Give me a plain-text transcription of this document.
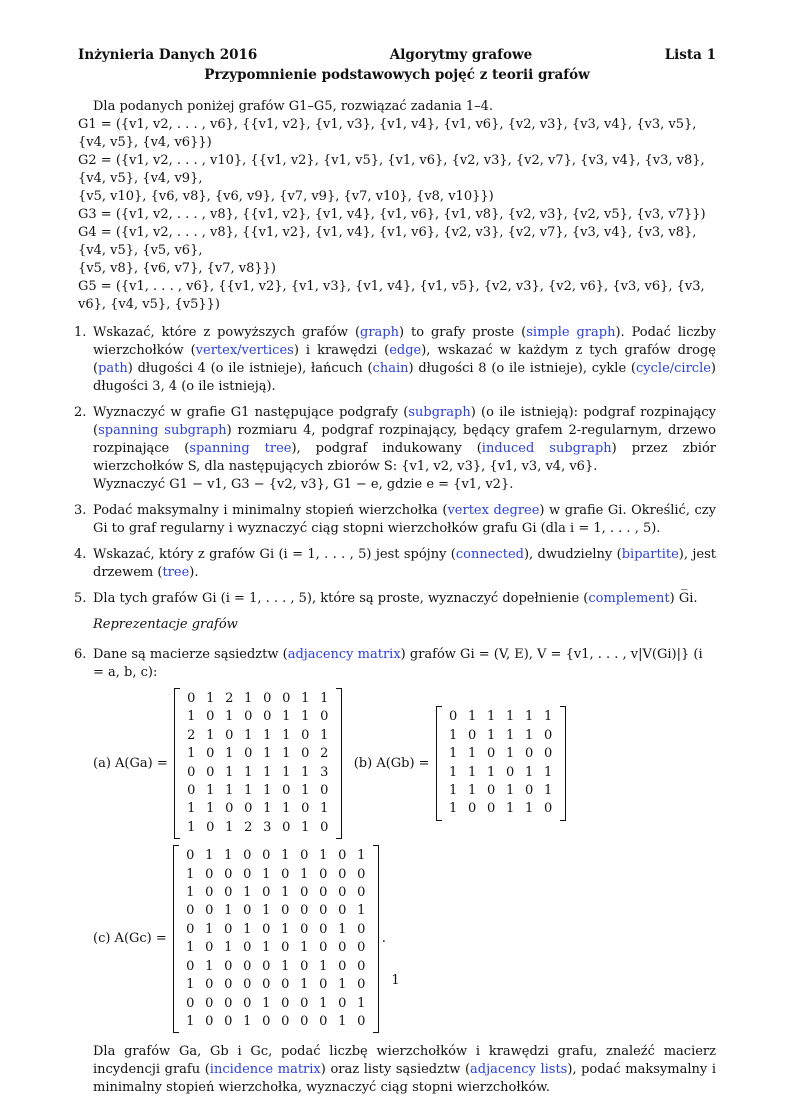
Inżynieria Danych 2016	Algorytmy grafowe	Lista 1
Przypomnienie podstawowych pojęć z teorii grafów

Dla podanych poniżej grafów G1–G5, rozwiązać zadania 1–4.

G1 = ({v1, v2, . . . , v6}, {{v1, v2}, {v1, v3}, {v1, v4}, {v1, v6}, {v2, v3}, {v3, v4}, {v3, v5}, {v4, v5}, {v4, v6}})

G2 = ({v1, v2, . . . , v10}, {{v1, v2}, {v1, v5}, {v1, v6}, {v2, v3}, {v2, v7}, {v3, v4}, {v3, v8}, {v4, v5}, {v4, v9},

{v5, v10}, {v6, v8}, {v6, v9}, {v7, v9}, {v7, v10}, {v8, v10}})

G3 = ({v1, v2, . . . , v8}, {{v1, v2}, {v1, v4}, {v1, v6}, {v1, v8}, {v2, v3}, {v2, v5}, {v3, v7}})

G4 = ({v1, v2, . . . , v8}, {{v1, v2}, {v1, v4}, {v1, v6}, {v2, v3}, {v2, v7}, {v3, v4}, {v3, v8}, {v4, v5}, {v5, v6},

{v5, v8}, {v6, v7}, {v7, v8}})

G5 = ({v1, . . . , v6}, {{v1, v2}, {v1, v3}, {v1, v4}, {v1, v5}, {v2, v3}, {v2, v6}, {v3, v6}, {v3, v6}, {v4, v5}, {v5}})

1. Wskazać, które z powyższych grafów (graph) to grafy proste (simple graph). Podać liczby wierzchołków (vertex/vertices) i krawędzi (edge), wskazać w każdym z tych grafów drogę (path) długości 4 (o ile istnieje), łańcuch (chain) długości 8 (o ile istnieje), cykle (cycle/circle) długości 3, 4 (o ile istnieją).
2. Wyznaczyć w grafie G1 następujące podgrafy (subgraph) (o ile istnieją): podgraf rozpinający (spanning subgraph) rozmiaru 4, podgraf rozpinający, będący grafem 2-regularnym, drzewo rozpinające (spanning tree), podgraf indukowany (induced subgraph) przez zbiór wierzchołków S, dla następujących zbiorów S: {v1, v2, v3}, {v1, v3, v4, v6}.
Wyznaczyć G1 − v1, G3 − {v2, v3}, G1 − e, gdzie e = {v1, v2}.
3. Podać maksymalny i minimalny stopień wierzchołka (vertex degree) w grafie Gi. Określić, czy Gi to graf regularny i wyznaczyć ciąg stopni wierzchołków grafu Gi (dla i = 1, . . . , 5).
4. Wskazać, który z grafów Gi (i = 1, . . . , 5) jest spójny (connected), dwudzielny (bipartite), jest drzewem (tree).
5. Dla tych grafów Gi (i = 1, . . . , 5), które są proste, wyznaczyć dopełnienie (complement) G̅i.
Reprezentacje grafów
6. Dane są macierze sąsiedztw (adjacency matrix) grafów Gi = (V, E), V = {v1, . . . , v|V(Gi)|} (i = a, b, c):
(a) A(Ga) =
0	1	2	1	0	0	1	1
1	0	1	0	0	1	1	0
2	1	0	1	1	1	0	1
1	0	1	0	1	1	0	2
0	0	1	1	1	1	1	3
0	1	1	1	1	0	1	0
1	1	0	0	1	1	0	1
1	0	1	2	3	0	1	0
(b) A(Gb) =
0	1	1	1	1	1
1	0	1	1	1	0
1	1	0	1	0	0
1	1	1	0	1	1
1	1	0	1	0	1
1	0	0	1	1	0
(c) A(Gc) =
0	1	1	0	0	1	0	1	0	1
1	0	0	0	1	0	1	0	0	0
1	0	0	1	0	1	0	0	0	0
0	0	1	0	1	0	0	0	0	1
0	1	0	1	0	1	0	0	1	0
1	0	1	0	1	0	1	0	0	0
0	1	0	0	0	1	0	1	0	0
1	0	0	0	0	0	1	0	1	0
0	0	0	0	1	0	0	1	0	1
1	0	0	1	0	0	0	0	1	0
.
Dla grafów Ga, Gb i Gc, podać liczbę wierzchołków i krawędzi grafu, znaleźć macierz incydencji grafu (incidence matrix) oraz listy sąsiedztw (adjacency lists), podać maksymalny i minimalny stopień wierzchołka, wyznaczyć ciąg stopni wierzchołków.
1
